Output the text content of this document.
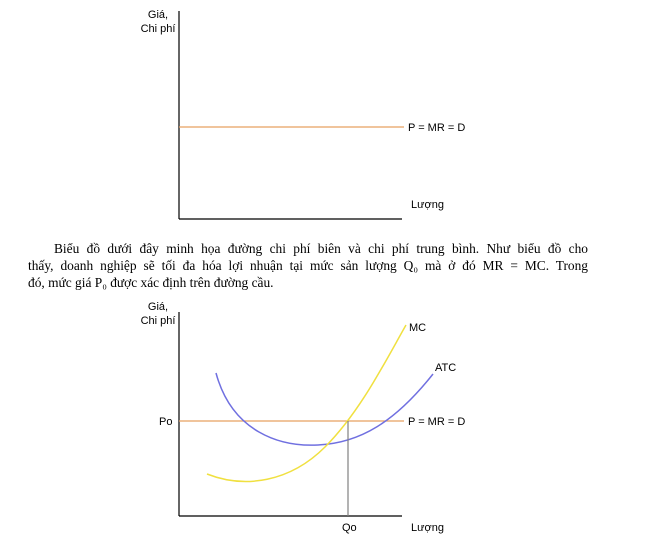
Giá,
Chi phí
P = MR = D
Lượng

Biểu đồ dưới đây minh họa đường chi phí biên và chi phí trung bình. Như biểu đồ cho
thấy, doanh nghiệp sẽ tối đa hóa lợi nhuận tại mức sản lượng Q₀ mà ở đó MR = MC. Trong
đó, mức giá P₀ được xác định trên đường cầu.

Giá,
Chi phí
P = MR = D
Po
ATC
MC
Qo	Lượng
